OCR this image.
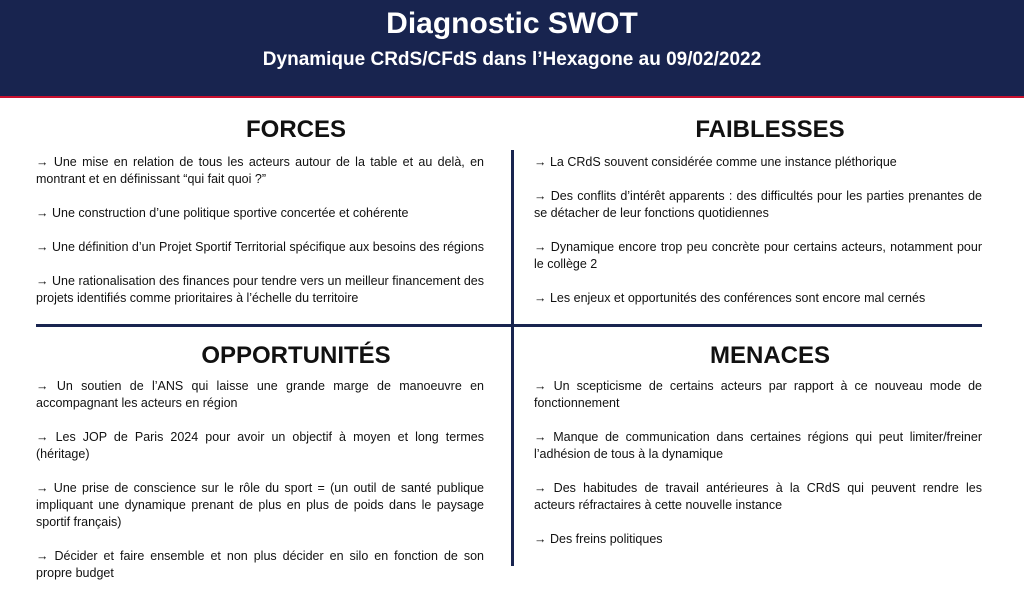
Diagnostic SWOT
Dynamique CRdS/CFdS dans l’Hexagone au 09/02/2022
FORCES
→ Une mise en relation de tous les acteurs autour de la table et au delà, en montrant et en définissant “qui fait quoi ?”
→ Une construction d’une politique sportive concertée et cohérente
→ Une définition d’un Projet Sportif Territorial spécifique aux besoins des régions
→ Une rationalisation des finances pour tendre vers un meilleur financement des projets identifiés comme prioritaires à l’échelle du territoire
FAIBLESSES
→ La CRdS souvent considérée comme une instance pléthorique
→ Des conflits d’intérêt apparents : des difficultés pour les parties prenantes de se détacher de leur fonctions quotidiennes
→ Dynamique encore trop peu concrète pour certains acteurs, notamment pour le collège 2
→ Les enjeux et opportunités des conférences sont encore mal cernés
OPPORTUNITÉS
→ Un soutien de l’ANS qui laisse une grande marge de manoeuvre en accompagnant les acteurs en région
→ Les JOP de Paris 2024 pour avoir un objectif à moyen et long termes (héritage)
→ Une prise de conscience sur le rôle du sport = (un outil de santé publique impliquant une dynamique prenant de plus en plus de poids dans le paysage sportif français)
→ Décider et faire ensemble et non plus décider en silo en fonction de son propre budget
MENACES
→ Un scepticisme de certains acteurs par rapport à ce nouveau mode de fonctionnement
→ Manque de communication dans certaines régions qui peut limiter/freiner l’adhésion de tous à la dynamique
→ Des habitudes de travail antérieures à la CRdS qui peuvent rendre les acteurs réfractaires à cette nouvelle instance
→ Des freins politiques
